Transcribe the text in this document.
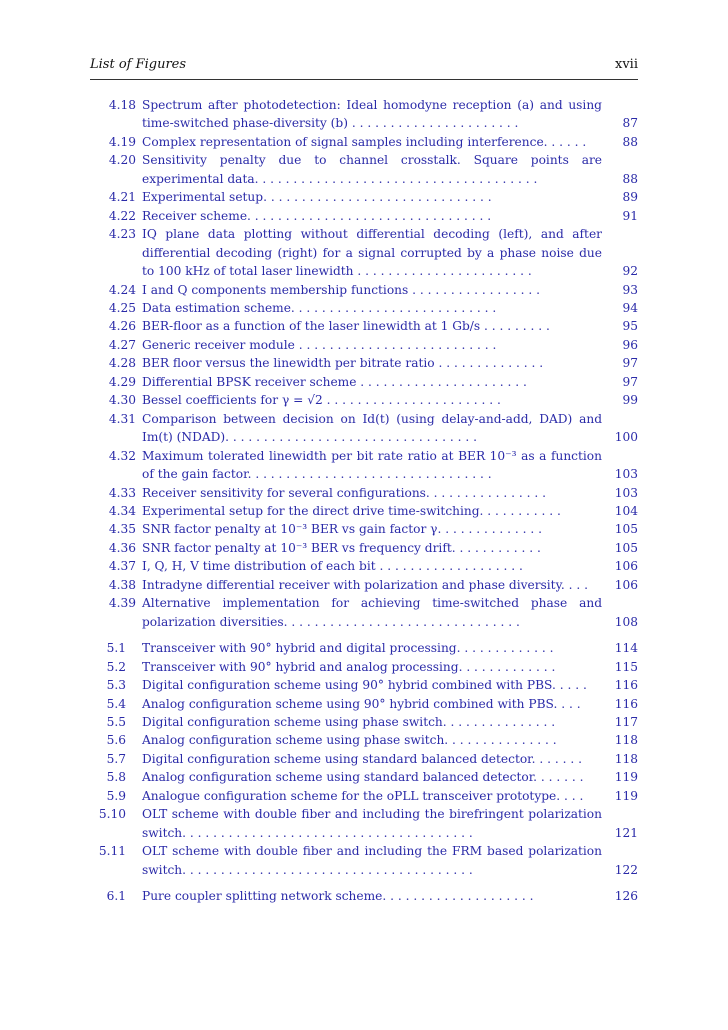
List of Figures	xvii
4.18 Spectrum after photodetection: Ideal homodyne reception (a) and using time-switched phase-diversity (b) . . . . . . . . . . . . . . . . . . . . . .	87
4.19 Complex representation of signal samples including interference. . . . . .	88
4.20 Sensitivity penalty due to channel crosstalk. Square points are experimental data. . . . . . . . . . . . . . . . . . . . . . . . . . . . . . . . . . . . .	88
4.21 Experimental setup. . . . . . . . . . . . . . . . . . . . . . . . . . . . . .	89
4.22 Receiver scheme. . . . . . . . . . . . . . . . . . . . . . . . . . . . . . . .	91
4.23 IQ plane data plotting without differential decoding (left), and after differential decoding (right) for a signal corrupted by a phase noise due to 100 kHz of total laser linewidth . . . . . . . . . . . . . . . . . . . . . . .	92
4.24 I and Q components membership functions . . . . . . . . . . . . . . . . .	93
4.25 Data estimation scheme. . . . . . . . . . . . . . . . . . . . . . . . . . .	94
4.26 BER-floor as a function of the laser linewidth at 1 Gb/s . . . . . . . . .	95
4.27 Generic receiver module . . . . . . . . . . . . . . . . . . . . . . . . . .	96
4.28 BER floor versus the linewidth per bitrate ratio . . . . . . . . . . . . . .	97
4.29 Differential BPSK receiver scheme . . . . . . . . . . . . . . . . . . . . . .	97
4.30 Bessel coefficients for γ = √2 . . . . . . . . . . . . . . . . . . . . . . .	99
4.31 Comparison between decision on Id(t) (using delay-and-add, DAD) and Im(t) (NDAD). . . . . . . . . . . . . . . . . . . . . . . . . . . . . . . . .	100
4.32 Maximum tolerated linewidth per bit rate ratio at BER 10⁻³ as a function of the gain factor. . . . . . . . . . . . . . . . . . . . . . . . . . . . . . . .	103
4.33 Receiver sensitivity for several configurations. . . . . . . . . . . . . . . .	103
4.34 Experimental setup for the direct drive time-switching. . . . . . . . . . .	104
4.35 SNR factor penalty at 10⁻³ BER vs gain factor γ. . . . . . . . . . . . . .	105
4.36 SNR factor penalty at 10⁻³ BER vs frequency drift. . . . . . . . . . . .	105
4.37 I, Q, H, V time distribution of each bit . . . . . . . . . . . . . . . . . . .	106
4.38 Intradyne differential receiver with polarization and phase diversity. . . .	106
4.39 Alternative implementation for achieving time-switched phase and polarization diversities. . . . . . . . . . . . . . . . . . . . . . . . . . . . . . .	108
5.1 Transceiver with 90° hybrid and digital processing. . . . . . . . . . . . .	114
5.2 Transceiver with 90° hybrid and analog processing. . . . . . . . . . . . .	115
5.3 Digital configuration scheme using 90° hybrid combined with PBS. . . . .	116
5.4 Analog configuration scheme using 90° hybrid combined with PBS. . . .	116
5.5 Digital configuration scheme using phase switch. . . . . . . . . . . . . . .	117
5.6 Analog configuration scheme using phase switch. . . . . . . . . . . . . . .	118
5.7 Digital configuration scheme using standard balanced detector. . . . . . .	118
5.8 Analog configuration scheme using standard balanced detector. . . . . . .	119
5.9 Analogue configuration scheme for the oPLL transceiver prototype. . . .	119
5.10 OLT scheme with double fiber and including the birefringent polarization switch. . . . . . . . . . . . . . . . . . . . . . . . . . . . . . . . . . . . . .	121
5.11 OLT scheme with double fiber and including the FRM based polarization switch. . . . . . . . . . . . . . . . . . . . . . . . . . . . . . . . . . . . . .	122
6.1 Pure coupler splitting network scheme. . . . . . . . . . . . . . . . . . . .	126
